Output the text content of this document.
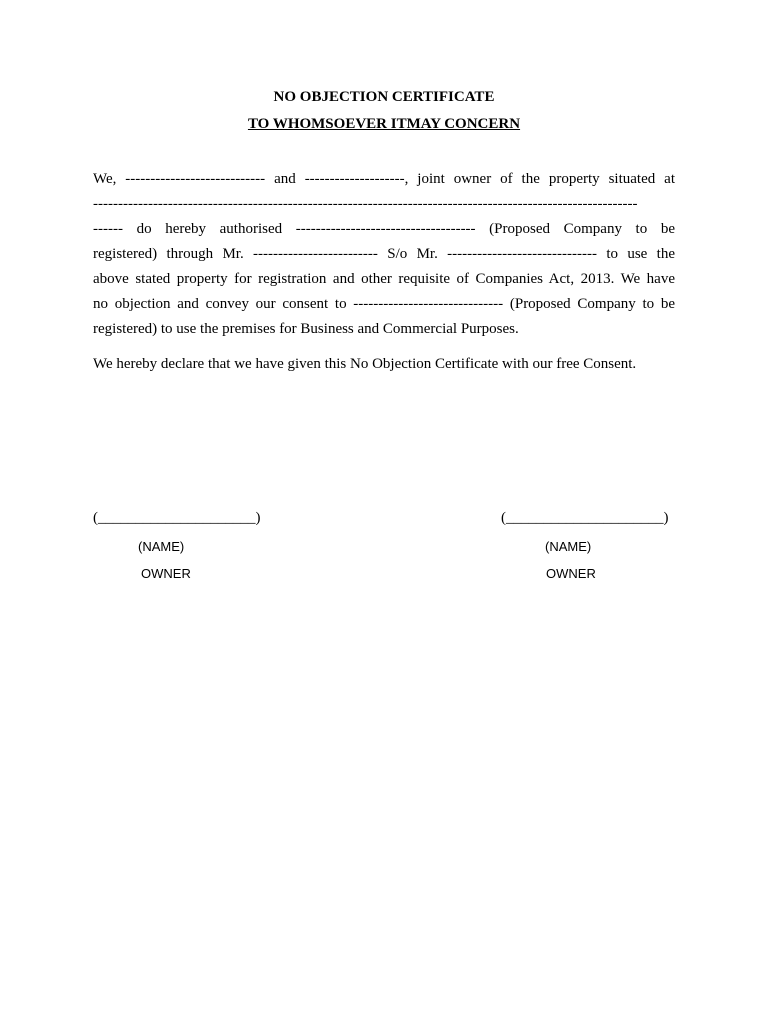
NO OBJECTION CERTIFICATE
TO WHOMSOEVER ITMAY CONCERN
We, ---------------------------- and --------------------, joint owner of the property situated at
-------------------------------------------------------------------------------------------------------------
------ do hereby authorised ------------------------------------ (Proposed Company to be
registered) through Mr. ------------------------- S/o Mr. ------------------------------ to use the
above stated property for registration and other requisite of Companies Act, 2013. We have
no objection and convey our consent to ------------------------------ (Proposed Company to be
registered) to use the premises for Business and Commercial Purposes.
We hereby declare that we have given this No Objection Certificate with our free Consent.
(_____________________)
(NAME)
OWNER
(_____________________)
(NAME)
OWNER
